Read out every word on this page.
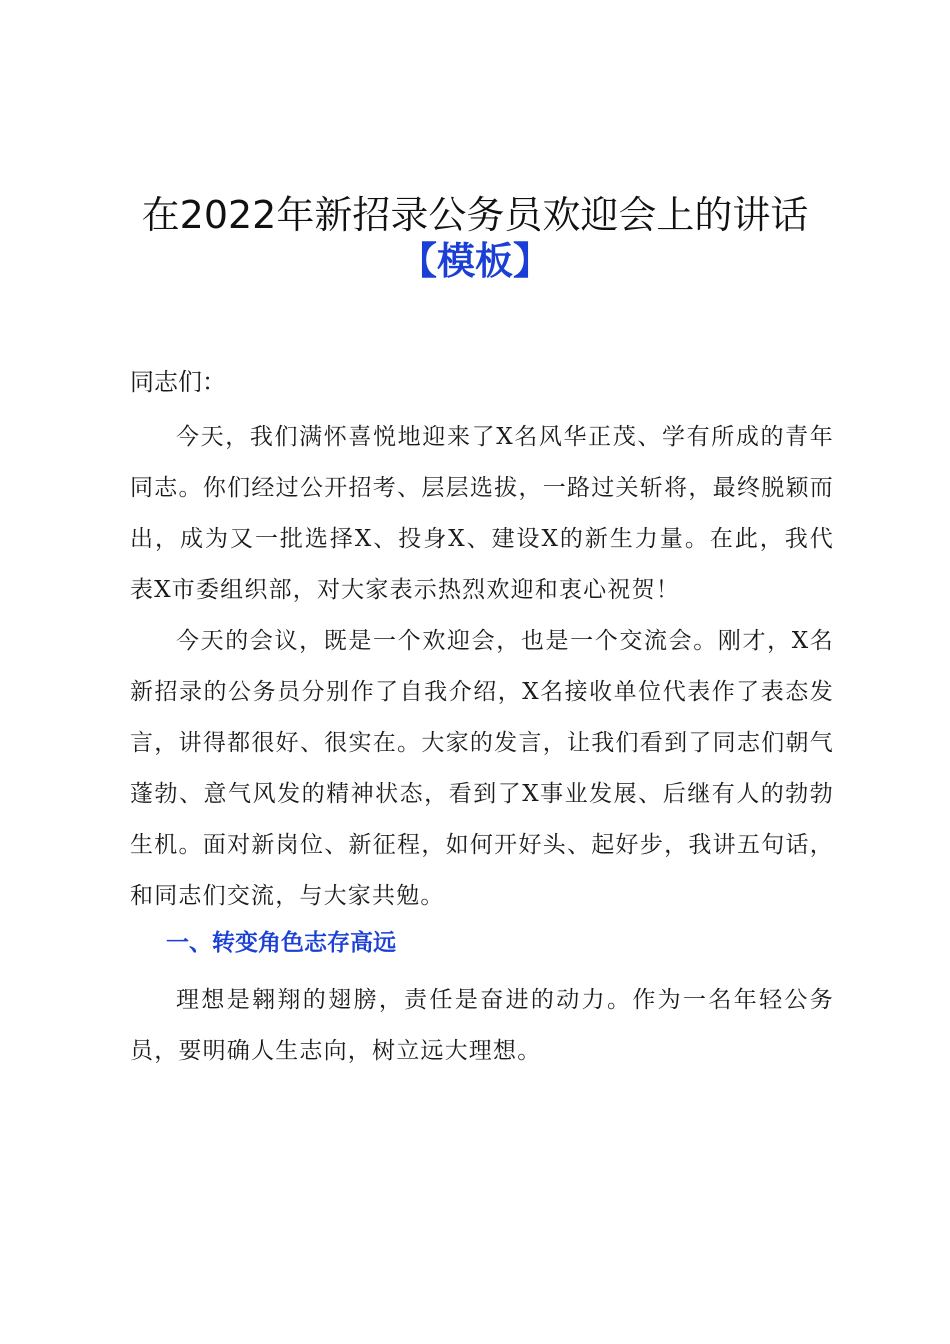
在2022年新招录公务员欢迎会上的讲话
【模板】
同志们：

今天，我们满怀喜悦地迎来了X名风华正茂、学有所成的青年同志。你们经过公开招考、层层选拔，一路过关斩将，最终脱颖而出，成为又一批选择X、投身X、建设X的新生力量。在此，我代表X市委组织部，对大家表示热烈欢迎和衷心祝贺！

今天的会议，既是一个欢迎会，也是一个交流会。刚才，X名新招录的公务员分别作了自我介绍，X名接收单位代表作了表态发言，讲得都很好、很实在。大家的发言，让我们看到了同志们朝气蓬勃、意气风发的精神状态，看到了X事业发展、后继有人的勃勃生机。面对新岗位、新征程，如何开好头、起好步，我讲五句话，和同志们交流，与大家共勉。

一、转变角色志存高远

理想是翱翔的翅膀，责任是奋进的动力。作为一名年轻公务员，要明确人生志向，树立远大理想。
